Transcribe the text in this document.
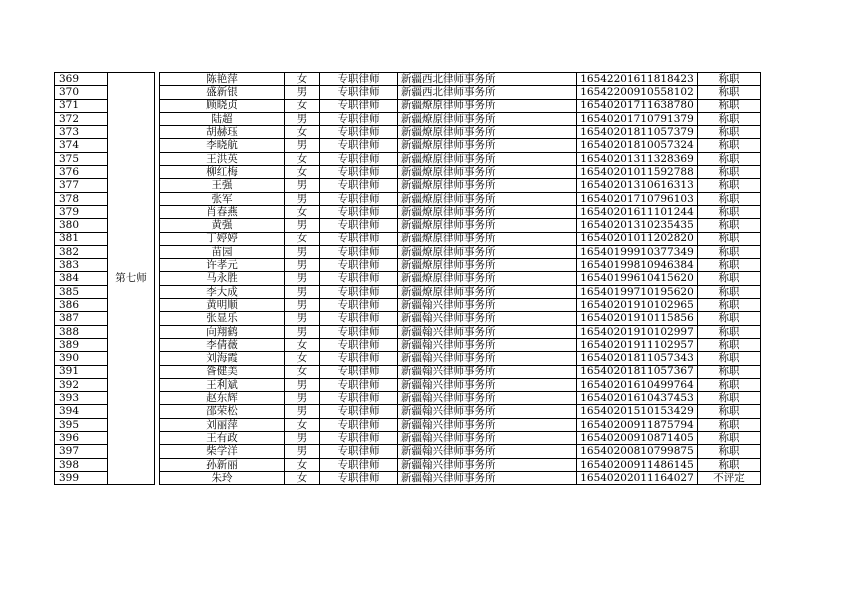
369	第七师		陈艳萍	女	专职律师	新疆西北律师事务所	16542201611818423	称职
370			盛新银	男	专职律师	新疆西北律师事务所	16542200910558102	称职
371			顾晓贞	女	专职律师	新疆燎原律师事务所	16540201711638780	称职
372			陆超	男	专职律师	新疆燎原律师事务所	16540201710791379	称职
373			胡赫珏	女	专职律师	新疆燎原律师事务所	16540201811057379	称职
374			李晓航	男	专职律师	新疆燎原律师事务所	16540201810057324	称职
375			王洪英	女	专职律师	新疆燎原律师事务所	16540201311328369	称职
376			柳红梅	女	专职律师	新疆燎原律师事务所	16540201011592788	称职
377			王强	男	专职律师	新疆燎原律师事务所	16540201310616313	称职
378			张军	男	专职律师	新疆燎原律师事务所	16540201710796103	称职
379			肖春燕	女	专职律师	新疆燎原律师事务所	16540201611101244	称职
380			黄强	男	专职律师	新疆燎原律师事务所	16540201310235435	称职
381			丁婷婷	女	专职律师	新疆燎原律师事务所	16540201011202820	称职
382			苗园	男	专职律师	新疆燎原律师事务所	16540199910377349	称职
383			许孝元	男	专职律师	新疆燎原律师事务所	16540199810946384	称职
384			马永胜	男	专职律师	新疆燎原律师事务所	16540199610415620	称职
385			李大成	男	专职律师	新疆燎原律师事务所	16540199710195620	称职
386			黄明顺	男	专职律师	新疆翰兴律师事务所	16540201910102965	称职
387			张显乐	男	专职律师	新疆翰兴律师事务所	16540201910115856	称职
388			向翔鹤	男	专职律师	新疆翰兴律师事务所	16540201910102997	称职
389			李倩薇	女	专职律师	新疆翰兴律师事务所	16540201911102957	称职
390			刘海霞	女	专职律师	新疆翰兴律师事务所	16540201811057343	称职
391			昝健美	女	专职律师	新疆翰兴律师事务所	16540201811057367	称职
392			王利斌	男	专职律师	新疆翰兴律师事务所	16540201610499764	称职
393			赵东辉	男	专职律师	新疆翰兴律师事务所	16540201610437453	称职
394			邵荣松	男	专职律师	新疆翰兴律师事务所	16540201510153429	称职
395			刘丽萍	女	专职律师	新疆翰兴律师事务所	16540200911875794	称职
396			王有政	男	专职律师	新疆翰兴律师事务所	16540200910871405	称职
397			柴学洋	男	专职律师	新疆翰兴律师事务所	16540200810799875	称职
398			孙新丽	女	专职律师	新疆翰兴律师事务所	16540200911486145	称职
399			朱玲	女	专职律师	新疆翰兴律师事务所	16540202011164027	不评定
